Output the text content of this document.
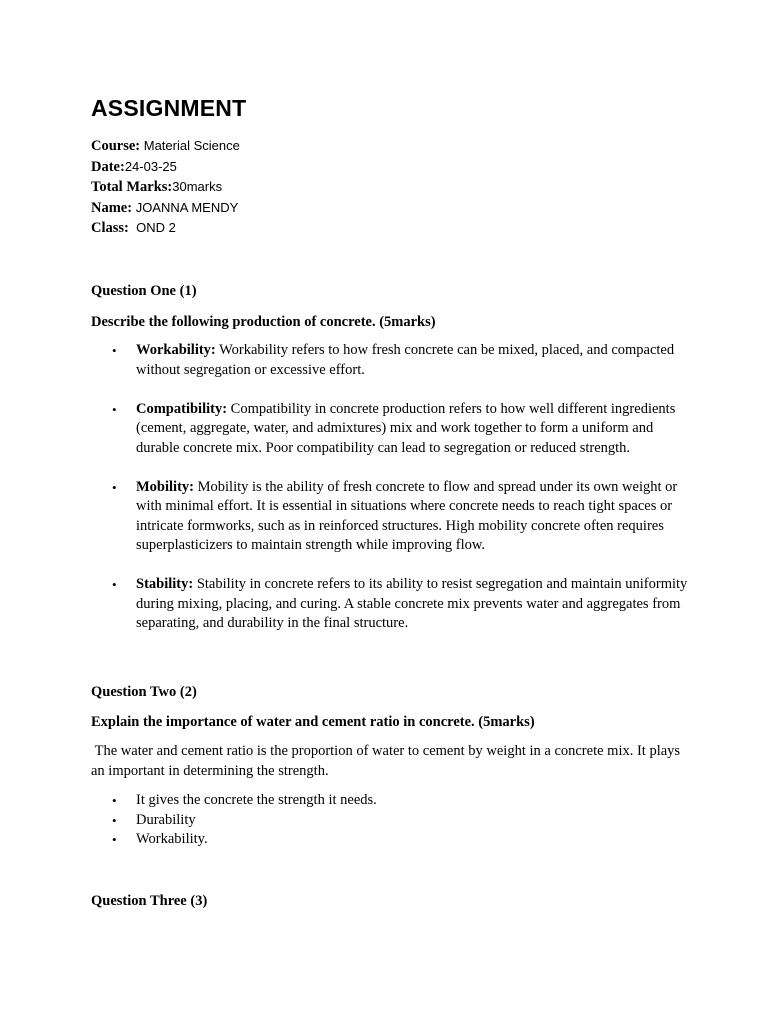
ASSIGNMENT
Course: Material Science
Date:24-03-25
Total Marks:30marks
Name: JOANNA MENDY
Class:  OND 2

Question One (1)

Describe the following production of concrete. (5marks)

• Workability: Workability refers to how fresh concrete can be mixed, placed, and compacted without segregation or excessive effort.
• Compatibility: Compatibility in concrete production refers to how well different ingredients (cement, aggregate, water, and admixtures) mix and work together to form a uniform and durable concrete mix. Poor compatibility can lead to segregation or reduced strength.
• Mobility: Mobility is the ability of fresh concrete to flow and spread under its own weight or with minimal effort. It is essential in situations where concrete needs to reach tight spaces or intricate formworks, such as in reinforced structures. High mobility concrete often requires superplasticizers to maintain strength while improving flow.
• Stability: Stability in concrete refers to its ability to resist segregation and maintain uniformity during mixing, placing, and curing. A stable concrete mix prevents water and aggregates from separating, and durability in the final structure.

Question Two (2)

Explain the importance of water and cement ratio in concrete. (5marks)

The water and cement ratio is the proportion of water to cement by weight in a concrete mix. It plays an important in determining the strength.

• It gives the concrete the strength it needs.
• Durability
• Workability.

Question Three (3)
